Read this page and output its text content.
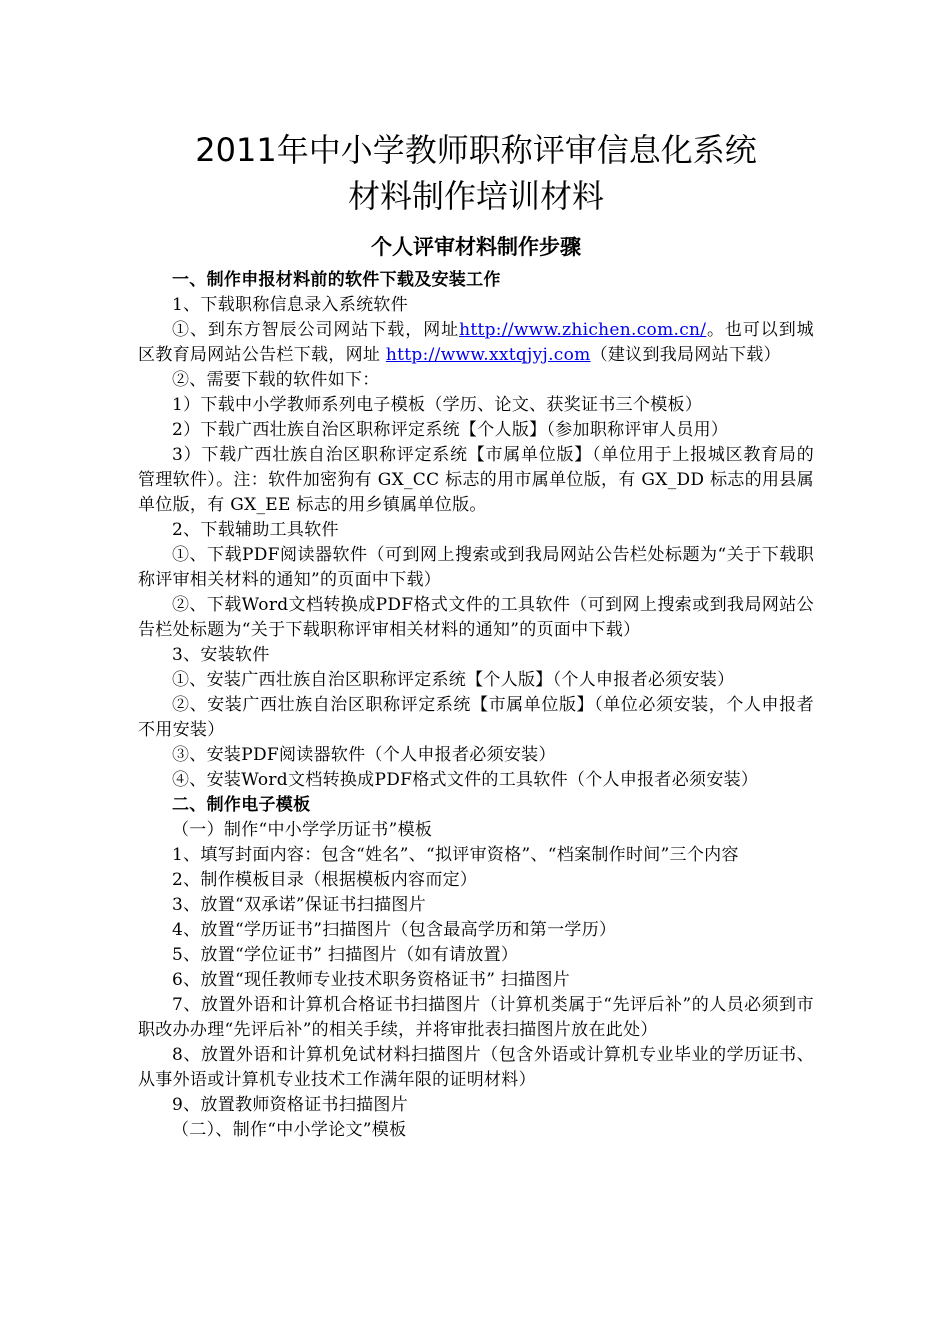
2011年中小学教师职称评审信息化系统
材料制作培训材料
个人评审材料制作步骤

一、制作申报材料前的软件下载及安装工作

1、下载职称信息录入系统软件

①、到东方智辰公司网站下载，网址http://www.zhichen.com.cn/。也可以到城区教育局网站公告栏下载，网址 http://www.xxtqjyj.com（建议到我局网站下载）

②、需要下载的软件如下：

1）下载中小学教师系列电子模板（学历、论文、获奖证书三个模板）

2）下载广西壮族自治区职称评定系统【个人版】（参加职称评审人员用）

3）下载广西壮族自治区职称评定系统【市属单位版】（单位用于上报城区教育局的管理软件）。注：软件加密狗有 GX_CC 标志的用市属单位版，有 GX_DD 标志的用县属单位版，有 GX_EE 标志的用乡镇属单位版。

2、下载辅助工具软件

①、下载PDF阅读器软件（可到网上搜索或到我局网站公告栏处标题为“关于下载职称评审相关材料的通知”的页面中下载）

②、下载Word文档转换成PDF格式文件的工具软件（可到网上搜索或到我局网站公告栏处标题为“关于下载职称评审相关材料的通知”的页面中下载）

3、安装软件

①、安装广西壮族自治区职称评定系统【个人版】（个人申报者必须安装）

②、安装广西壮族自治区职称评定系统【市属单位版】（单位必须安装，个人申报者不用安装）

③、安装PDF阅读器软件（个人申报者必须安装）

④、安装Word文档转换成PDF格式文件的工具软件（个人申报者必须安装）

二、制作电子模板

（一）制作“中小学学历证书”模板

1、填写封面内容：包含“姓名”、“拟评审资格”、“档案制作时间”三个内容

2、制作模板目录（根据模板内容而定）

3、放置“双承诺”保证书扫描图片

4、放置“学历证书”扫描图片（包含最高学历和第一学历）

5、放置“学位证书” 扫描图片（如有请放置）

6、放置“现任教师专业技术职务资格证书” 扫描图片

7、放置外语和计算机合格证书扫描图片（计算机类属于“先评后补”的人员必须到市职改办办理“先评后补”的相关手续，并将审批表扫描图片放在此处）

8、放置外语和计算机免试材料扫描图片（包含外语或计算机专业毕业的学历证书、从事外语或计算机专业技术工作满年限的证明材料）

9、放置教师资格证书扫描图片

（二）、制作“中小学论文”模板
